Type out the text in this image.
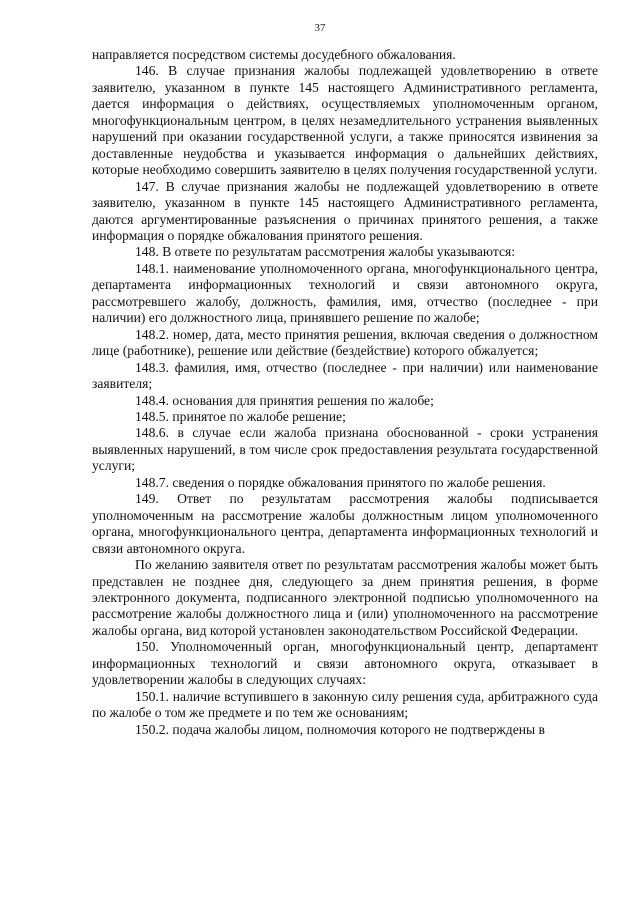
37

направляется посредством системы досудебного обжалования.

146. В случае признания жалобы подлежащей удовлетворению в ответе заявителю, указанном в пункте 145 настоящего Административного регламента, дается информация о действиях, осуществляемых уполномоченным органом, многофункциональным центром, в целях незамедлительного устранения выявленных нарушений при оказании государственной услуги, а также приносятся извинения за доставленные неудобства и указывается информация о дальнейших действиях, которые необходимо совершить заявителю в целях получения государственной услуги.

147. В случае признания жалобы не подлежащей удовлетворению в ответе заявителю, указанном в пункте 145 настоящего Административного регламента, даются аргументированные разъяснения о причинах принятого решения, а также информация о порядке обжалования принятого решения.

148. В ответе по результатам рассмотрения жалобы указываются:

148.1. наименование уполномоченного органа, многофункционального центра, департамента информационных технологий и связи автономного округа, рассмотревшего жалобу, должность, фамилия, имя, отчество (последнее - при наличии) его должностного лица, принявшего решение по жалобе;

148.2. номер, дата, место принятия решения, включая сведения о должностном лице (работнике), решение или действие (бездействие) которого обжалуется;

148.3. фамилия, имя, отчество (последнее - при наличии) или наименование заявителя;

148.4. основания для принятия решения по жалобе;

148.5. принятое по жалобе решение;

148.6. в случае если жалоба признана обоснованной - сроки устранения выявленных нарушений, в том числе срок предоставления результата государственной услуги;

148.7. сведения о порядке обжалования принятого по жалобе решения.

149. Ответ по результатам рассмотрения жалобы подписывается уполномоченным на рассмотрение жалобы должностным лицом уполномоченного органа, многофункционального центра, департамента информационных технологий и связи автономного округа.

По желанию заявителя ответ по результатам рассмотрения жалобы может быть представлен не позднее дня, следующего за днем принятия решения, в форме электронного документа, подписанного электронной подписью уполномоченного на рассмотрение жалобы должностного лица и (или) уполномоченного на рассмотрение жалобы органа, вид которой установлен законодательством Российской Федерации.

150. Уполномоченный орган, многофункциональный центр, департамент информационных технологий и связи автономного округа, отказывает в удовлетворении жалобы в следующих случаях:

150.1. наличие вступившего в законную силу решения суда, арбитражного суда по жалобе о том же предмете и по тем же основаниям;

150.2. подача жалобы лицом, полномочия которого не подтверждены в
